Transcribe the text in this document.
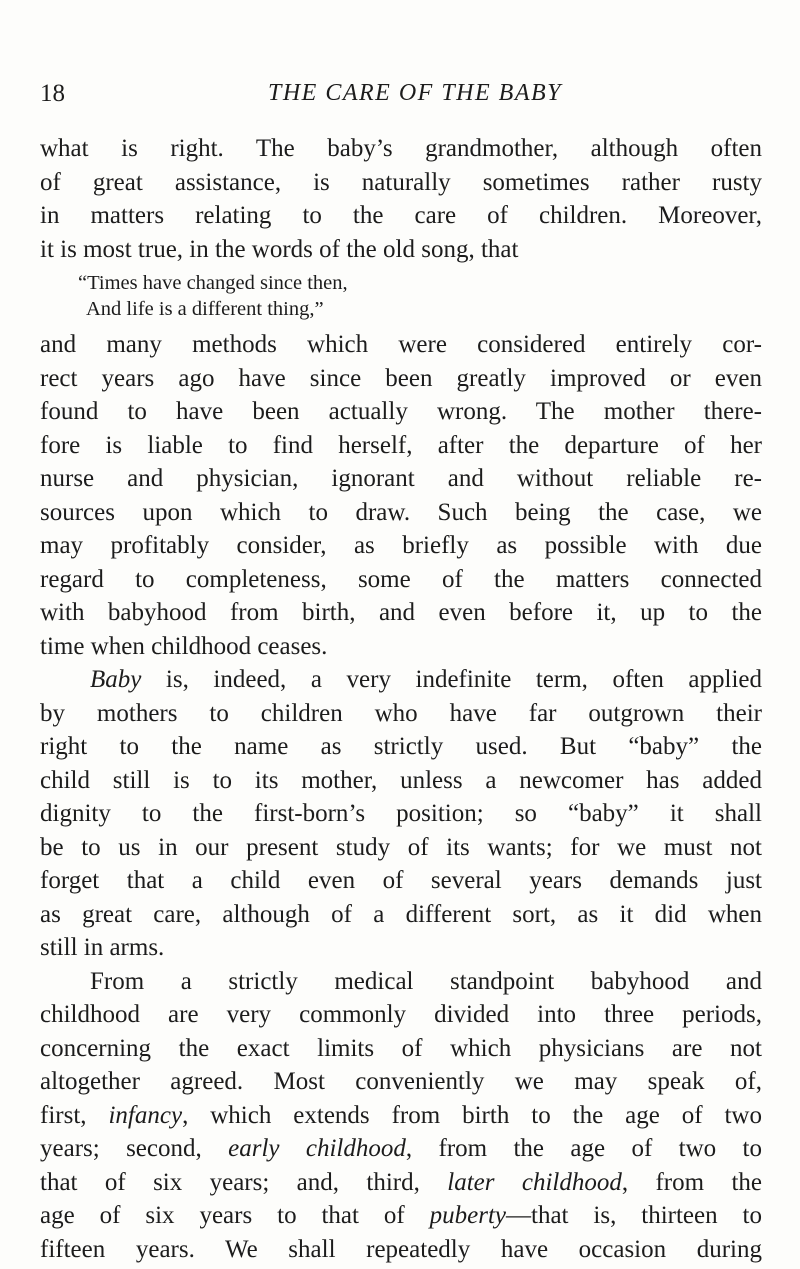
18	THE CARE OF THE BABY
what is right. The baby’s grandmother, although often
of great assistance, is naturally sometimes rather rusty
in matters relating to the care of children. Moreover,
it is most true, in the words of the old song, that
“Times have changed since then,
And life is a different thing,”
and many methods which were considered entirely cor-
rect years ago have since been greatly improved or even
found to have been actually wrong. The mother there-
fore is liable to find herself, after the departure of her
nurse and physician, ignorant and without reliable re-
sources upon which to draw. Such being the case, we
may profitably consider, as briefly as possible with due
regard to completeness, some of the matters connected
with babyhood from birth, and even before it, up to the
time when childhood ceases.
Baby is, indeed, a very indefinite term, often applied
by mothers to children who have far outgrown their
right to the name as strictly used. But “baby” the
child still is to its mother, unless a newcomer has added
dignity to the first-born’s position; so “baby” it shall
be to us in our present study of its wants; for we must not
forget that a child even of several years demands just
as great care, although of a different sort, as it did when
still in arms.
From a strictly medical standpoint babyhood and
childhood are very commonly divided into three periods,
concerning the exact limits of which physicians are not
altogether agreed. Most conveniently we may speak of,
first, infancy, which extends from birth to the age of two
years; second, early childhood, from the age of two to
that of six years; and, third, later childhood, from the
age of six years to that of puberty—that is, thirteen to
fifteen years. We shall repeatedly have occasion during
